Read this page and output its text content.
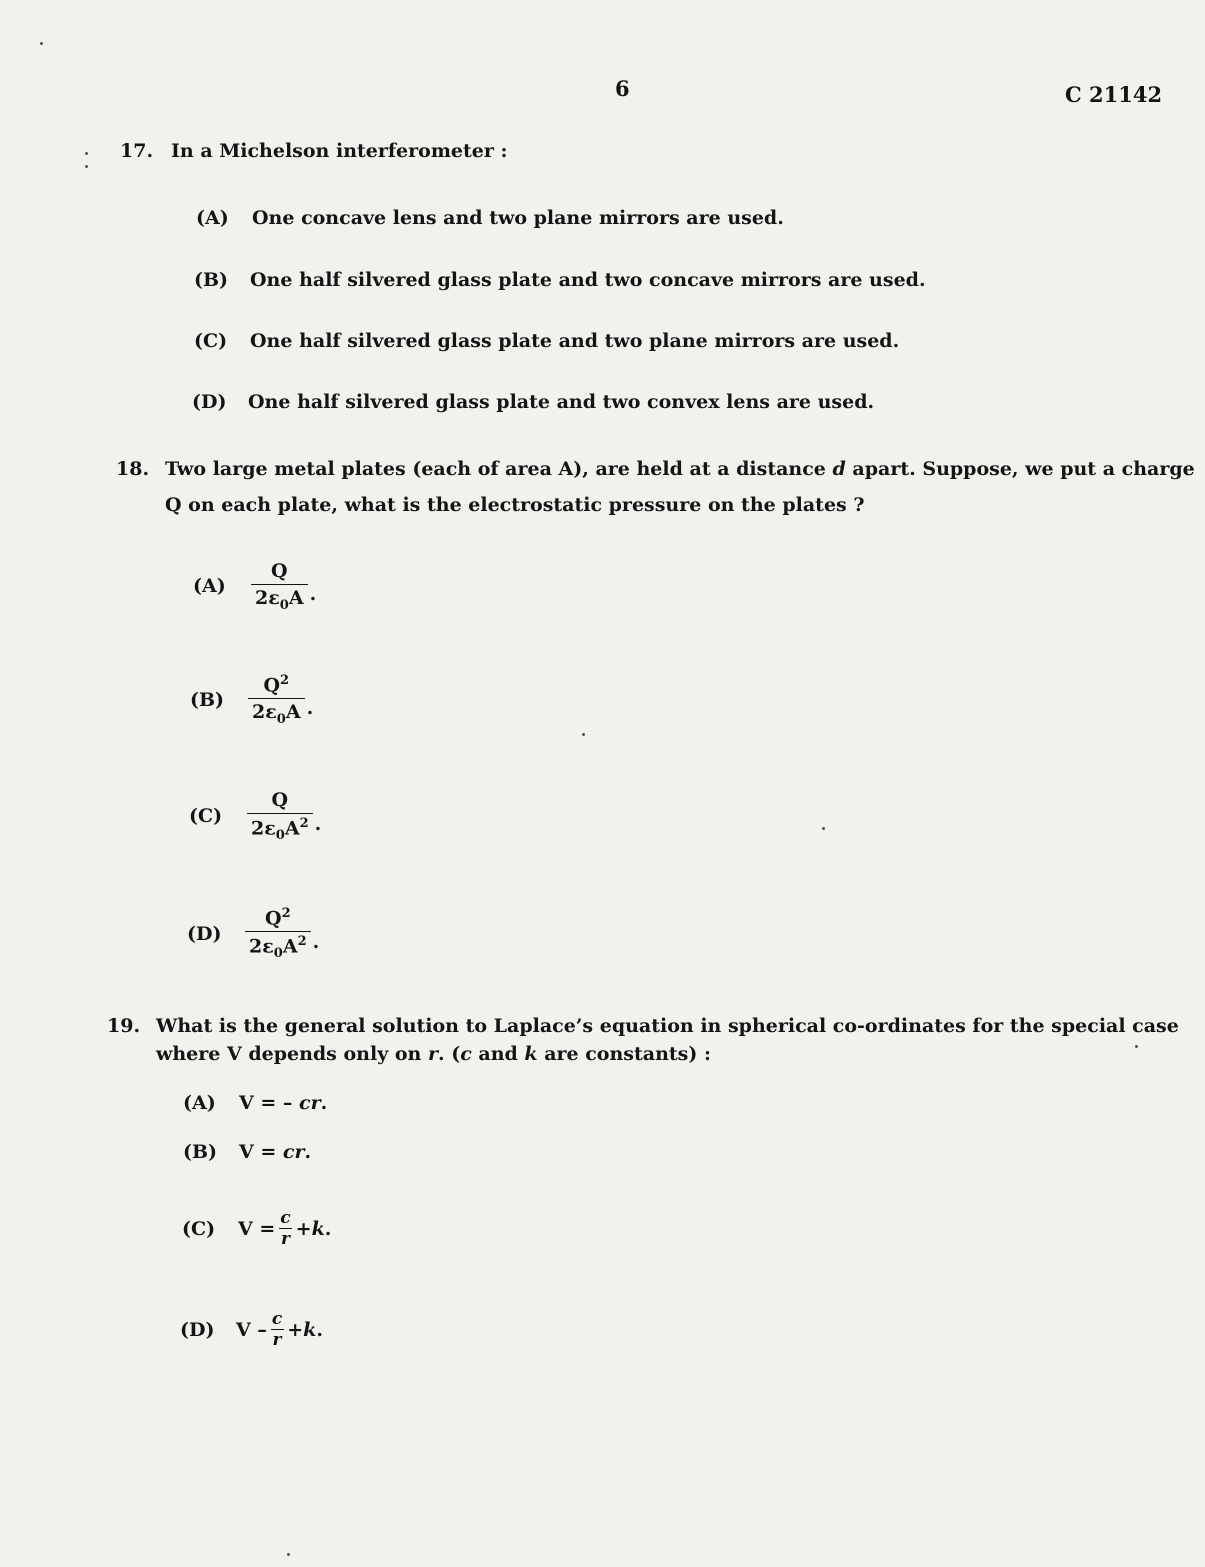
6	C 21142
17. In a Michelson interferometer :
(A) One concave lens and two plane mirrors are used.
(B) One half silvered glass plate and two concave mirrors are used.
(C) One half silvered glass plate and two plane mirrors are used.
(D) One half silvered glass plate and two convex lens are used.
18. Two large metal plates (each of area A), are held at a distance d apart. Suppose, we put a charge
Q on each plate, what is the electrostatic pressure on the plates ?
(A)	$\frac{Q}{2\varepsilon_0A}$ .
(B)	$\frac{Q^2}{2\varepsilon_0A}$ .
(C)	$\frac{Q}{2\varepsilon_0A^2}$ .
(D)	$\frac{Q^2}{2\varepsilon_0A^2}$ .
19. What is the general solution to Laplace’s equation in spherical co-ordinates for the special case
where V depends only on r. (c and k are constants) :
(A) V = – cr.
(B) V = cr.
(C)	$V = \frac{c}{r} + k$ .
(D)	$V - \frac{c}{r} + k$ .
